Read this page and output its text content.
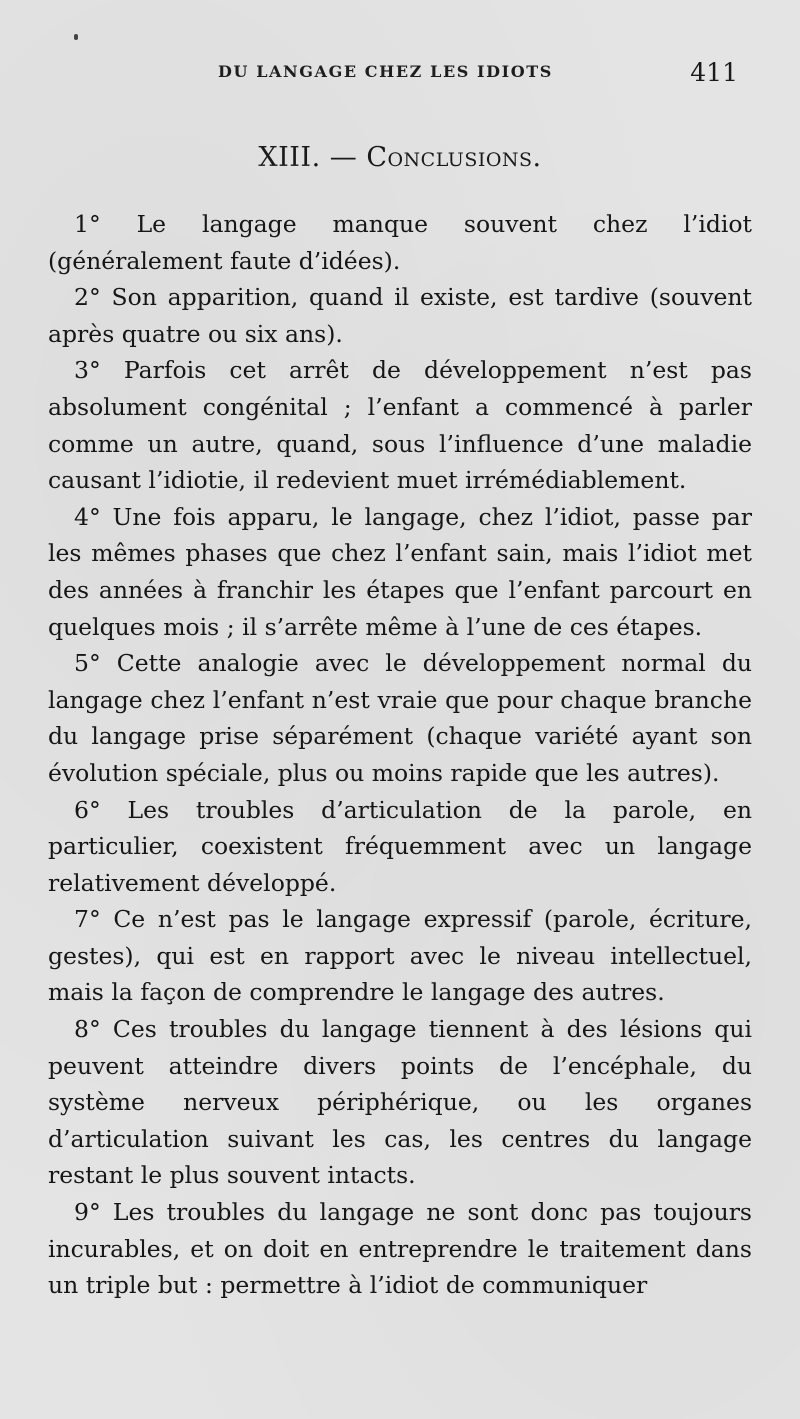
DU LANGAGE CHEZ LES IDIOTS	411
XIII. — Conclusions.

1° Le langage manque souvent chez l’idiot (généralement faute d’idées).

2° Son apparition, quand il existe, est tardive (souvent après quatre ou six ans).

3° Parfois cet arrêt de développement n’est pas absolument congénital ; l’enfant a commencé à parler comme un autre, quand, sous l’influence d’une maladie causant l’idiotie, il redevient muet irrémédiablement.

4° Une fois apparu, le langage, chez l’idiot, passe par les mêmes phases que chez l’enfant sain, mais l’idiot met des années à franchir les étapes que l’enfant parcourt en quelques mois ; il s’arrête même à l’une de ces étapes.

5° Cette analogie avec le développement normal du langage chez l’enfant n’est vraie que pour chaque branche du langage prise séparément (chaque variété ayant son évolution spéciale, plus ou moins rapide que les autres).

6° Les troubles d’articulation de la parole, en particulier, coexistent fréquemment avec un langage relativement développé.

7° Ce n’est pas le langage expressif (parole, écriture, gestes), qui est en rapport avec le niveau intellectuel, mais la façon de comprendre le langage des autres.

8° Ces troubles du langage tiennent à des lésions qui peuvent atteindre divers points de l’encéphale, du système nerveux périphérique, ou les organes d’articulation suivant les cas, les centres du langage restant le plus souvent intacts.

9° Les troubles du langage ne sont donc pas toujours incurables, et on doit en entreprendre le traitement dans un triple but : permettre à l’idiot de communiquer
